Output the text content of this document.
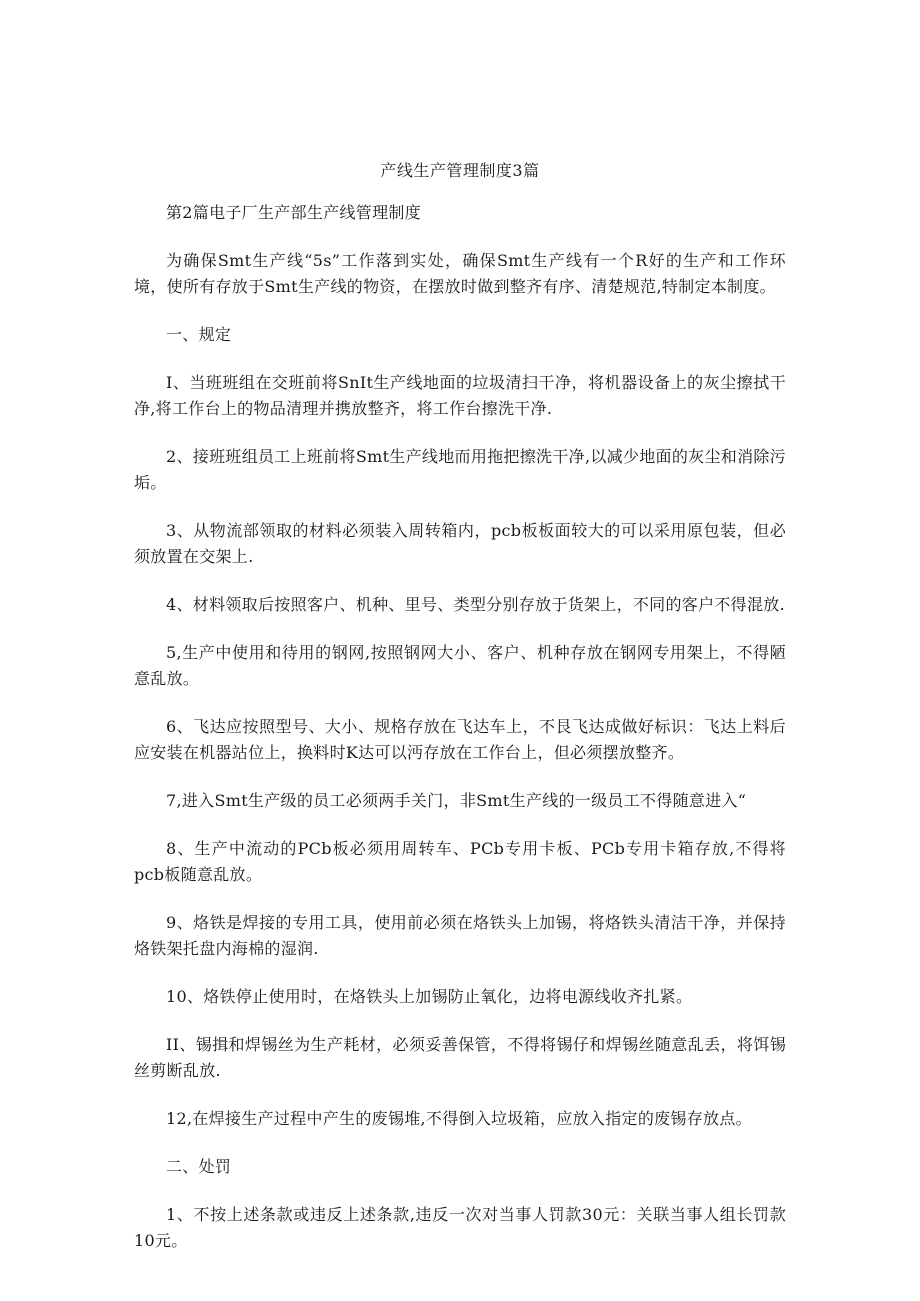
产线生产管理制度3篇

第2篇电子厂生产部生产线管理制度

为确保Smt生产线“5s”工作落到实处，确保Smt生产线有一个R好的生产和工作环境，使所有存放于Smt生产线的物资，在摆放时做到整齐有序、清楚规范,特制定本制度。

一、规定

I、当班班组在交班前将SnIt生产线地面的垃圾清扫干净，将机器设备上的灰尘擦拭干净,将工作台上的物品清理并携放整齐，将工作台擦洗干净.

2、接班班组员工上班前将Smt生产线地而用拖把擦洗干净,以减少地面的灰尘和消除污垢。

3、从物流部领取的材料必须装入周转箱内，pcb板板面较大的可以采用原包装，但必须放置在交架上.

4、材料领取后按照客户、机种、里号、类型分别存放于货架上，不同的客户不得混放.

5,生产中使用和待用的钢网,按照钢网大小、客户、机种存放在钢网专用架上，不得陋意乱放。

6、飞达应按照型号、大小、规格存放在飞达车上，不艮飞达成做好标识：飞达上料后应安装在机器站位上，换料时K达可以沔存放在工作台上，但必须摆放整齐。

7,进入Smt生产级的员工必须两手关门，非Smt生产线的一级员工不得随意进入“

8、生产中流动的PCb板必须用周转车、PCb专用卡板、PCb专用卡箱存放,不得将pcb板随意乱放。

9、烙铁是焊接的专用工具，使用前必须在烙铁头上加锡，将烙铁头清洁干净，并保持烙铁架托盘内海棉的湿润.

10、烙铁停止使用时，在烙铁头上加锡防止氧化，边将电源线收齐扎紧。

II、锡揖和焊锡丝为生产耗材，必须妥善保管，不得将锡仔和焊锡丝随意乱丢，将饵锡丝剪断乱放.

12,在焊接生产过程中产生的废锡堆,不得倒入垃圾箱，应放入指定的废锡存放点。

二、处罚

1、不按上述条款或违反上述条款,违反一次对当事人罚款30元：关联当事人组长罚款10元。
